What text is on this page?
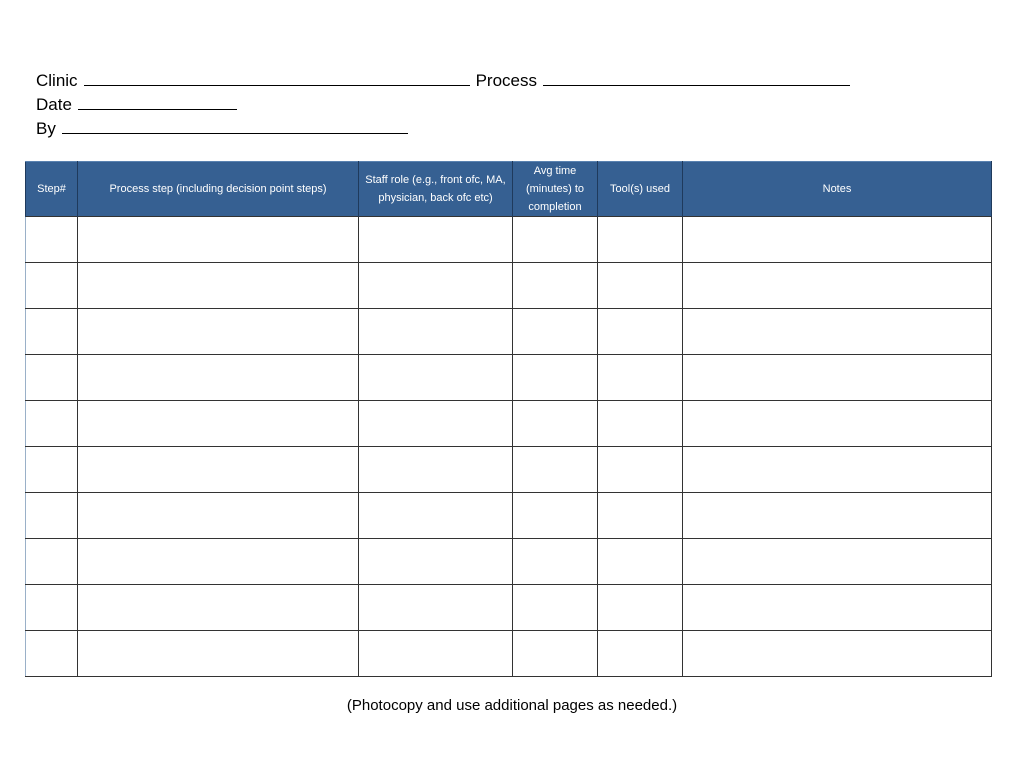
Clinic	Process
Date
By
Step#	Process step (including decision point steps)	Staff role (e.g., front ofc, MA, physician, back ofc etc)	Avg time (minutes) to completion	Tool(s) used	Notes

(Photocopy and use additional pages as needed.)
